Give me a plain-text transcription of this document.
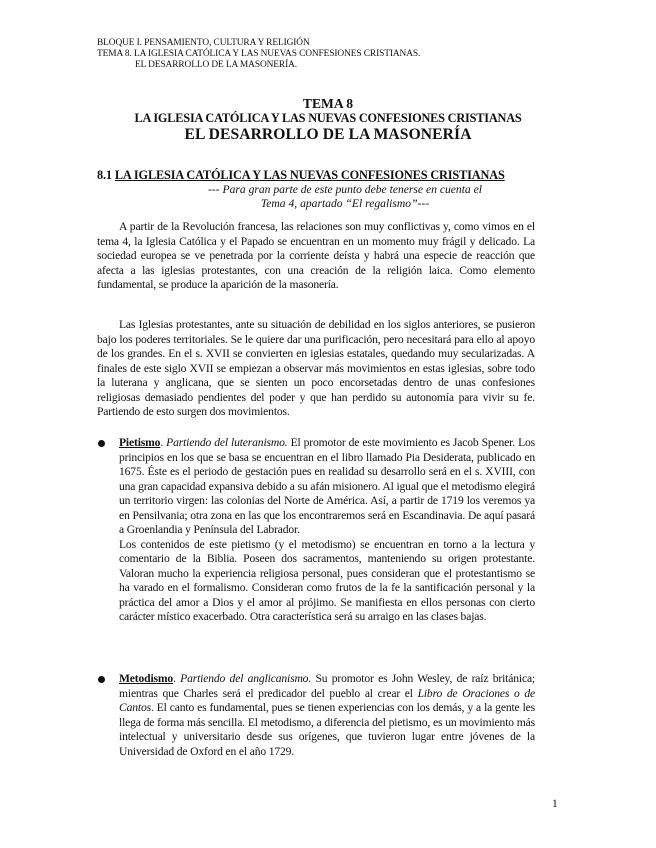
BLOQUE I. PENSAMIENTO, CULTURA Y RELIGIÓN
TEMA 8. LA IGLESIA CATÓLICA Y LAS NUEVAS CONFESIONES CRISTIANAS.
EL DESARROLLO DE LA MASONERÍA.
TEMA 8
LA IGLESIA CATÓLICA Y LAS NUEVAS CONFESIONES CRISTIANAS
EL DESARROLLO DE LA MASONERÍA
8.1 LA IGLESIA CATÓLICA Y LAS NUEVAS CONFESIONES CRISTIANAS
--- Para gran parte de este punto debe tenerse en cuenta el
Tema 4, apartado “El regalismo”---
A partir de la Revolución francesa, las relaciones son muy conflictivas y, como vimos en el tema 4, la Iglesia Católica y el Papado se encuentran en un momento muy frágil y delicado. La sociedad europea se ve penetrada por la corriente deísta y habrá una especie de reacción que afecta a las iglesias protestantes, con una creación de la religión laica. Como elemento fundamental, se produce la aparición de la masonería.
Las Iglesias protestantes, ante su situación de debilidad en los siglos anteriores, se pusieron bajo los poderes territoriales. Se le quiere dar una purificación, pero necesitará para ello al apoyo de los grandes. En el s. XVII se convierten en iglesias estatales, quedando muy secularizadas. A finales de este siglo XVII se empiezan a observar más movimientos en estas iglesias, sobre todo la luterana y anglicana, que se sienten un poco encorsetadas dentro de unas confesiones religiosas demasiado pendientes del poder y que han perdido su autonomía para vivir su fe. Partiendo de esto surgen dos movimientos.
Pietismo. Partiendo del luteranismo. El promotor de este movimiento es Jacob Spener. Los principios en los que se basa se encuentran en el libro llamado Pia Desiderata, publicado en 1675. Éste es el periodo de gestación pues en realidad su desarrollo será en el s. XVIII, con una gran capacidad expansiva debido a su afán misionero. Al igual que el metodismo elegirá un territorio virgen: las colonias del Norte de América. Así, a partir de 1719 los veremos ya en Pensilvania; otra zona en las que los encontraremos será en Escandinavia. De aquí pasará a Groenlandia y Península del Labrador.
Los contenidos de este pietismo (y el metodismo) se encuentran en torno a la lectura y comentario de la Biblia. Poseen dos sacramentos, manteniendo su origen protestante. Valoran mucho la experiencia religiosa personal, pues consideran que el protestantismo se ha varado en el formalismo. Consideran como frutos de la fe la santificación personal y la práctica del amor a Dios y el amor al prójimo. Se manifiesta en ellos personas con cierto carácter místico exacerbado. Otra característica será su arraigo en las clases bajas.
Metodismo. Partiendo del anglicanismo. Su promotor es John Wesley, de raíz británica; mientras que Charles será el predicador del pueblo al crear el Libro de Oraciones o de Cantos. El canto es fundamental, pues se tienen experiencias con los demás, y a la gente les llega de forma más sencilla. El metodismo, a diferencia del pietismo, es un movimiento más intelectual y universitario desde sus orígenes, que tuvieron lugar entre jóvenes de la Universidad de Oxford en el año 1729.
1
